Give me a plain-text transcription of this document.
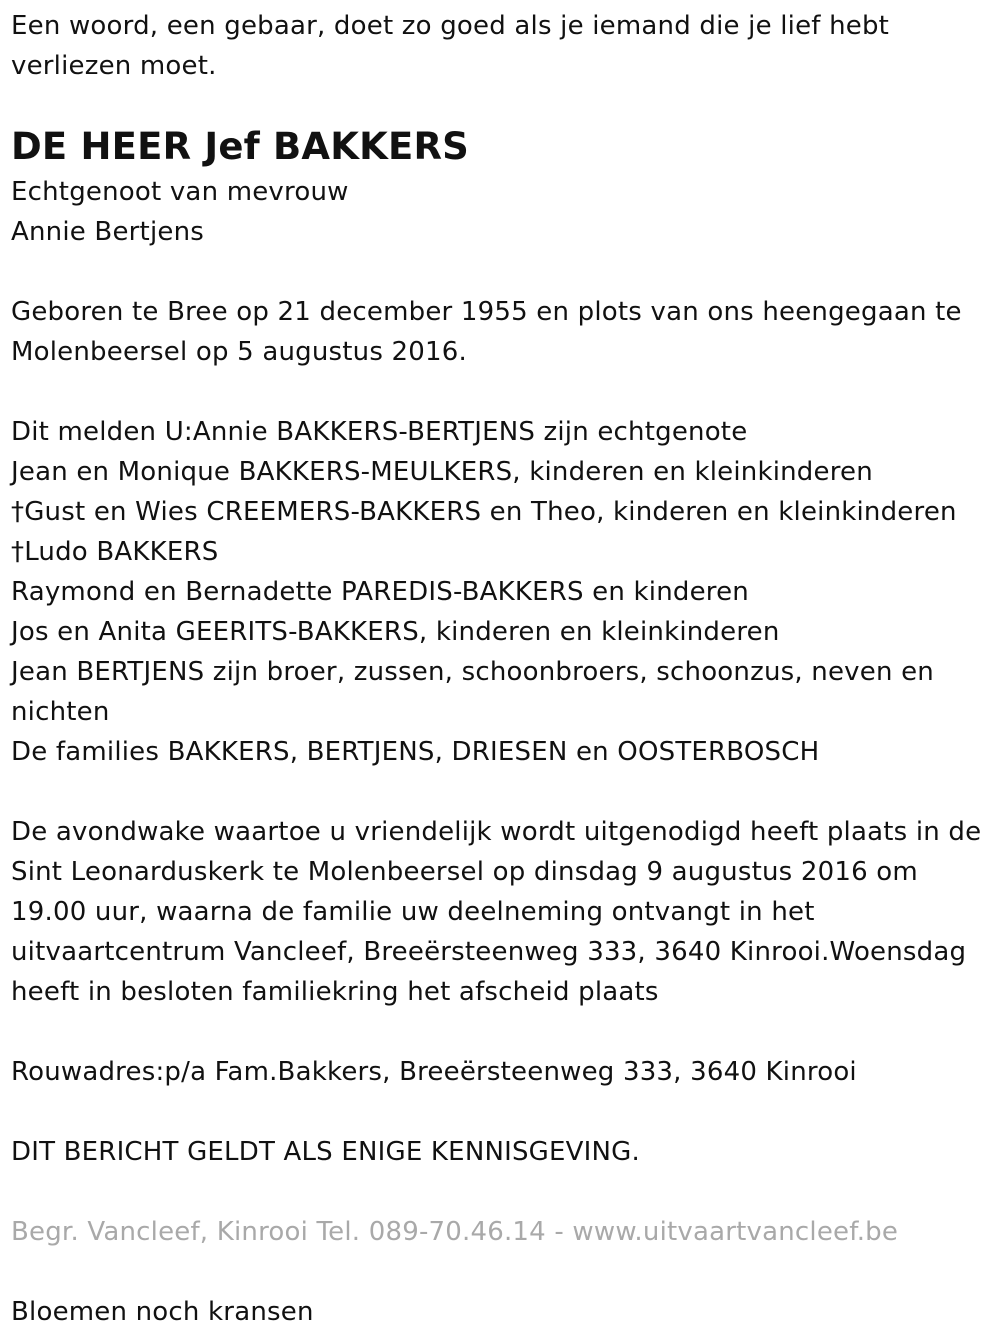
Een woord, een gebaar, doet zo goed als je iemand die je lief hebt
verliezen moet.
DE HEER Jef BAKKERS
Echtgenoot van mevrouw
Annie Bertjens
Geboren te Bree op 21 december 1955 en plots van ons heengegaan te
Molenbeersel op 5 augustus 2016.
Dit melden U:Annie BAKKERS-BERTJENS zijn echtgenote
Jean en Monique BAKKERS-MEULKERS, kinderen en kleinkinderen
†Gust en Wies CREEMERS-BAKKERS en Theo, kinderen en kleinkinderen
†Ludo BAKKERS
Raymond en Bernadette PAREDIS-BAKKERS en kinderen
Jos en Anita GEERITS-BAKKERS, kinderen en kleinkinderen
Jean BERTJENS zijn broer, zussen, schoonbroers, schoonzus, neven en
nichten
De families BAKKERS, BERTJENS, DRIESEN en OOSTERBOSCH
De avondwake waartoe u vriendelijk wordt uitgenodigd heeft plaats in de
Sint Leonarduskerk te Molenbeersel op dinsdag 9 augustus 2016 om
19.00 uur, waarna de familie uw deelneming ontvangt in het
uitvaartcentrum Vancleef, Breeërsteenweg 333, 3640 Kinrooi.Woensdag
heeft in besloten familiekring het afscheid plaats
Rouwadres:p/a Fam.Bakkers, Breeërsteenweg 333, 3640 Kinrooi
DIT BERICHT GELDT ALS ENIGE KENNISGEVING.
Begr. Vancleef, Kinrooi Tel. 089-70.46.14 - www.uitvaartvancleef.be
Bloemen noch kransen
